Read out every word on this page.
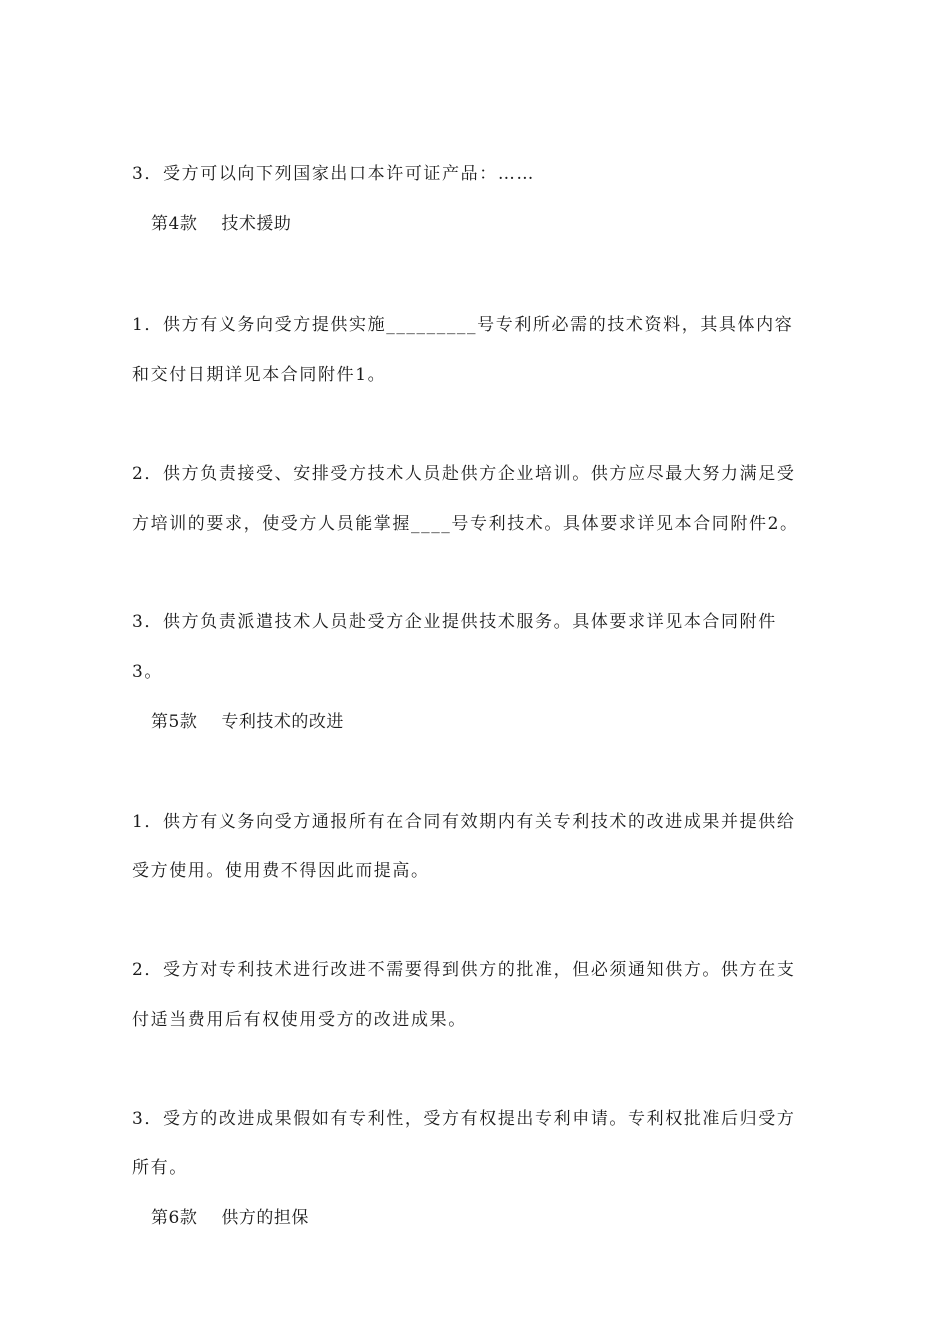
3．受方可以向下列国家出口本许可证产品：……
第4款 技术援助
1．供方有义务向受方提供实施_________号专利所必需的技术资料，其具体内容
和交付日期详见本合同附件1。
2．供方负责接受、安排受方技术人员赴供方企业培训。供方应尽最大努力满足受
方培训的要求，使受方人员能掌握____号专利技术。具体要求详见本合同附件2。
3．供方负责派遣技术人员赴受方企业提供技术服务。具体要求详见本合同附件
3。
第5款 专利技术的改进
1．供方有义务向受方通报所有在合同有效期内有关专利技术的改进成果并提供给
受方使用。使用费不得因此而提高。
2．受方对专利技术进行改进不需要得到供方的批准，但必须通知供方。供方在支
付适当费用后有权使用受方的改进成果。
3．受方的改进成果假如有专利性，受方有权提出专利申请。专利权批准后归受方
所有。
第6款 供方的担保
